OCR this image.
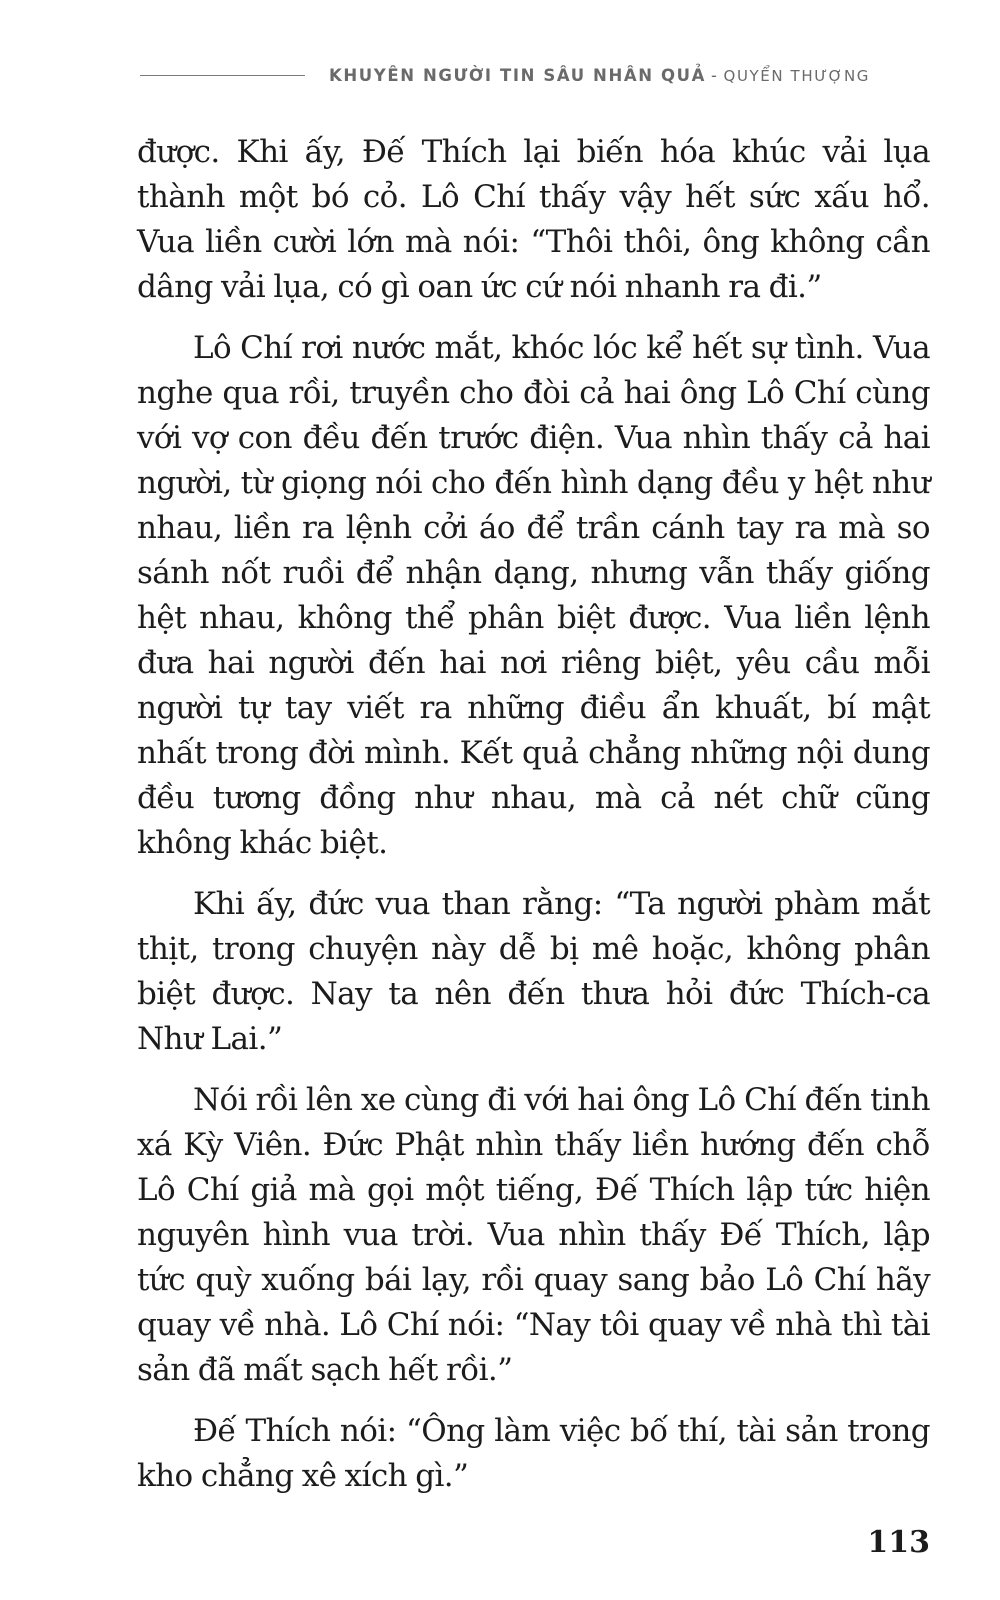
KHUYÊN NGƯỜI TIN SÂU NHÂN QUẢ - QUYỂN THƯỢNG

được. Khi ấy, Đế Thích lại biến hóa khúc vải lụa thành một bó cỏ. Lô Chí thấy vậy hết sức xấu hổ. Vua liền cười lớn mà nói: “Thôi thôi, ông không cần dâng vải lụa, có gì oan ức cứ nói nhanh ra đi.”

Lô Chí rơi nước mắt, khóc lóc kể hết sự tình. Vua nghe qua rồi, truyền cho đòi cả hai ông Lô Chí cùng với vợ con đều đến trước điện. Vua nhìn thấy cả hai người, từ giọng nói cho đến hình dạng đều y hệt như nhau, liền ra lệnh cởi áo để trần cánh tay ra mà so sánh nốt ruồi để nhận dạng, nhưng vẫn thấy giống hệt nhau, không thể phân biệt được. Vua liền lệnh đưa hai người đến hai nơi riêng biệt, yêu cầu mỗi người tự tay viết ra những điều ẩn khuất, bí mật nhất trong đời mình. Kết quả chẳng những nội dung đều tương đồng như nhau, mà cả nét chữ cũng không khác biệt.

Khi ấy, đức vua than rằng: “Ta người phàm mắt thịt, trong chuyện này dễ bị mê hoặc, không phân biệt được. Nay ta nên đến thưa hỏi đức Thích-ca Như Lai.”

Nói rồi lên xe cùng đi với hai ông Lô Chí đến tinh xá Kỳ Viên. Đức Phật nhìn thấy liền hướng đến chỗ Lô Chí giả mà gọi một tiếng, Đế Thích lập tức hiện nguyên hình vua trời. Vua nhìn thấy Đế Thích, lập tức quỳ xuống bái lạy, rồi quay sang bảo Lô Chí hãy quay về nhà. Lô Chí nói: “Nay tôi quay về nhà thì tài sản đã mất sạch hết rồi.”

Đế Thích nói: “Ông làm việc bố thí, tài sản trong kho chẳng xê xích gì.”

113
